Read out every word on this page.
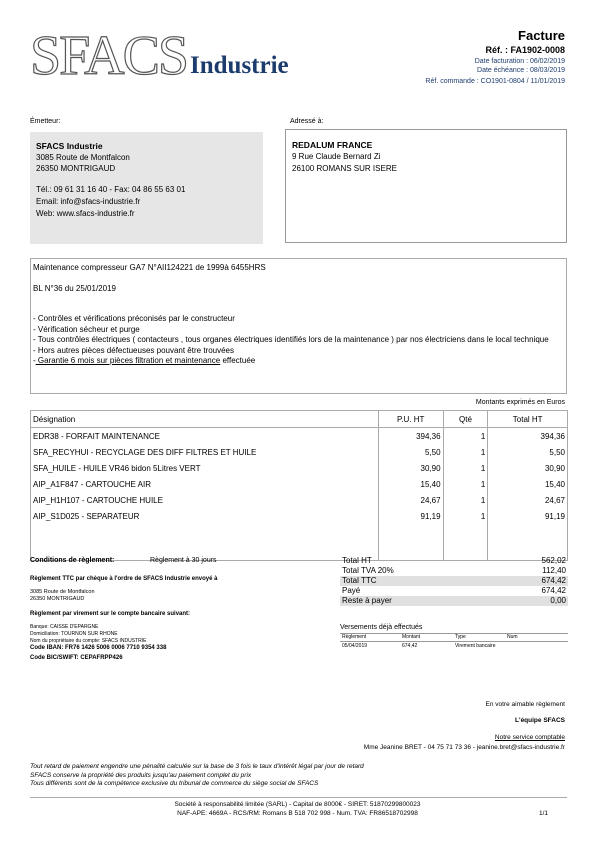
SFACS Industrie
Facture
Réf. : FA1902-0008
Date facturation : 06/02/2019
Date échéance : 08/03/2019
Réf. commande : CO1901-0804 / 11/01/2019
Émetteur:
SFACS Industrie
3085 Route de Montfalcon
26350 MONTRIGAUD
Tél.: 09 61 31 16 40 - Fax: 04 86 55 63 01
Email: info@sfacs-industrie.fr
Web: www.sfacs-industrie.fr
Adressé à:
REDALUM FRANCE
9 Rue Claude Bernard Zi
26100 ROMANS SUR ISERE

Maintenance compresseur GA7 N°AII124221 de 1999à 6455HRS

BL N°36 du 25/01/2019

- Contrôles et vérifications préconisés par le constructeur

- Vérification sécheur et purge

- Tous contrôles électriques ( contacteurs , tous organes électriques identifiés lors de la maintenance ) par nos électriciens dans le local technique

- Hors autres pièces défectueuses pouvant être trouvées

- Garantie 6 mois sur pièces filtration et maintenance effectuée

Montants exprimés en Euros
Désignation	P.U. HT	Qté	Total HT
EDR38 - FORFAIT MAINTENANCE	394,36	1	394,36
SFA_RECYHUI - RECYCLAGE DES DIFF FILTRES ET HUILE	5,50	1	5,50
SFA_HUILE - HUILE VR46 bidon 5Litres VERT	30,90	1	30,90
AIP_A1F847 - CARTOUCHE AIR	15,40	1	15,40
AIP_H1H107 - CARTOUCHE HUILE	24,67	1	24,67
AIP_S1D025 - SEPARATEUR	91,19	1	91,19

Conditions de règlement:	Règlement à 30 jours
Règlement TTC par chèque à l'ordre de SFACS Industrie envoyé à
3085 Route de Montfalcon
26350 MONTRIGAUD
Règlement par virement sur le compte bancaire suivant:
Banque: CAISSE D'EPARGNE
Domiciliation: TOURNON SUR RHONE
Nom du propriétaire du compte: SFACS INDUSTRIE
Code IBAN: FR76 1426 5006 0006 7710 9354 338
Code BIC/SWIFT: CEPAFRPP426
Total HT	562,02
Total TVA 20%	112,40
Total TTC	674,42
Payé	674,42
Reste à payer	0,00
Versements déjà effectués
Règlement	Montant	Type	Num
05/04/2019	674,42	Virement bancaire
En votre aimable règlement
L'équipe SFACS
Notre service comptable
Mme Jeanine BRET - 04 75 71 73 36 - jeanine.bret@sfacs-industrie.fr
Tout retard de paiement engendre une pénalité calculée sur la base de 3 fois le taux d'intérêt légal par jour de retard
SFACS conserve la propriété des produits jusqu'au paiement complet du prix
Tous différents sont de la compétence exclusive du tribunal de commerce du siège social de SFACS
Société à responsabilité limitée (SARL) - Capital de 8000€ - SIRET: 51870299800023
NAF-APE: 4669A - RCS/RM: Romans B 518 702 998 - Num. TVA: FR86518702998	1/1
